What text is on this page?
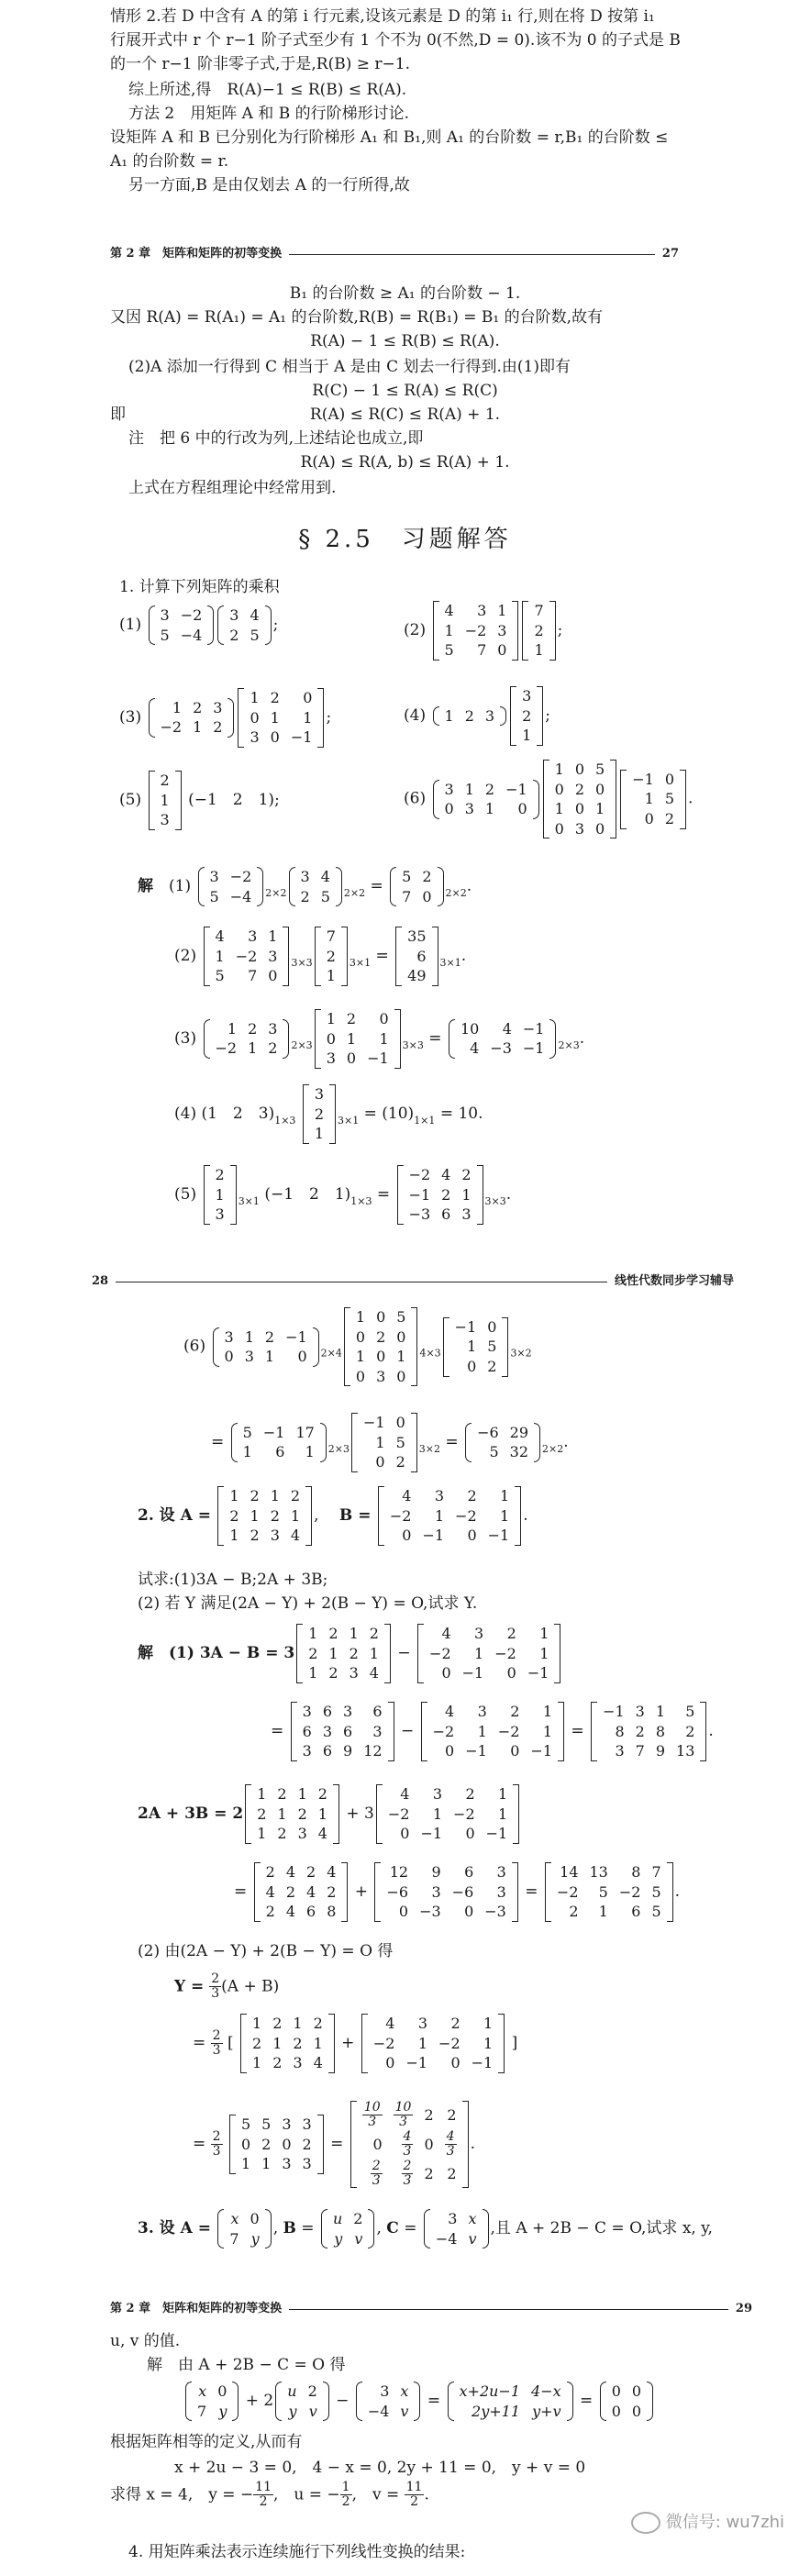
情形 2.若 D 中含有 A 的第 i 行元素,设该元素是 D 的第 i₁ 行,则在将 D 按第 i₁
行展开式中 r 个 r−1 阶子式至少有 1 个不为 0(不然,D = 0).该不为 0 的子式是 B
的一个 r−1 阶非零子式,于是,R(B) ≥ r−1.
综上所述,得　R(A)−1 ≤ R(B) ≤ R(A).
方法 2　用矩阵 A 和 B 的行阶梯形讨论.
设矩阵 A 和 B 已分别化为行阶梯形 A₁ 和 B₁,则 A₁ 的台阶数 = r,B₁ 的台阶数 ≤
A₁ 的台阶数 = r.
另一方面,B 是由仅划去 A 的一行所得,故
第 2 章　矩阵和矩阵的初等变换	27
B₁ 的台阶数 ≥ A₁ 的台阶数 − 1.
又因 R(A) = R(A₁) = A₁ 的台阶数,R(B) = R(B₁) = B₁ 的台阶数,故有
R(A) − 1 ≤ R(B) ≤ R(A).
(2)A 添加一行得到 C 相当于 A 是由 C 划去一行得到.由(1)即有
R(C) − 1 ≤ R(A) ≤ R(C)
即	R(A) ≤ R(C) ≤ R(A) + 1.
注　把 6 中的行改为列,上述结论也成立,即
R(A) ≤ R(A, b) ≤ R(A) + 1.
上式在方程组理论中经常用到.
§ 2.5　习题解答
1. 计算下列矩阵的乘积
(1)
3	−2
5	−4
3	4
2	5
;	(2)
4	3	1
1	−2	3
5	7	0
7
2
1
;
(3)
1	2	3
−2	1	2
1	2	0
0	1	1
3	0	−1
;	(4) 1	2	3
3
2
1
;
(5)
2
1
3
(−1　2　1);	(6)
3	1	2	−1
0	3	1	0
1	0	5
0	2	0
1	0	1
0	3	0
−1	0
1	5
0	2
.
解　 (1)
3	−2
5	−4 $_{2\times 2}$
3	4
2	5 $_{2\times 2}$ =
5	2
7	0 $_{2\times 2}$.
(2)
4	3	1
1	−2	3
5	7	0
$_{3\times 3}$
7
2
1
$_{3\times 1}$ =
35
6
49
$_{3\times 1}$.
(3)
1	2	3
−2	1	2 $_{2\times 3}$
1	2	0
0	1	1
3	0	−1
$_{3\times 3}$ =
10	4	−1
4	−3	−1 $_{2\times 3}$.
(4) (1　2　$3)_{1\times 3}$
3
2
1
$_{3\times 1} = (10)_{1\times 1} = 10$.
(5)
2
1
3
$_{3\times 1}$ (−1　2　$1)_{1\times 3}$ =
−2	4	2
−1	2	1
−3	6	3
$_{3\times 3}$.
28	线性代数同步学习辅导
(6)
3	1	2	−1
0	3	1	0 $_{2\times 4}$
1	0	5
0	2	0
1	0	1
0	3	0
$_{4\times 3}$
−1	0
1	5
0	2
$_{3\times 2}$
=
5	−1	17
1	6	1 $_{2\times 3}$
−1	0
1	5
0	2
$_{3\times 2}$ =
−6	29
5	32 $_{2\times 2}$.
2. 设 A =
1	2	1	2
2	1	2	1
1	2	3	4
,　 B =
4	3	2	1
−2	1	−2	1
0	−1	0	−1
.
试求:(1)3A − B;2A + 3B;
(2) 若 Y 满足(2A − Y) + 2(B − Y) = O,试求 Y.
解　(1) 3A − B = 3
1	2	1	2
2	1	2	1
1	2	3	4
−
4	3	2	1
−2	1	−2	1
0	−1	0	−1
=
3	6	3	6
6	3	6	3
3	6	9	12
−
4	3	2	1
−2	1	−2	1
0	−1	0	−1
=
−1	3	1	5
8	2	8	2
3	7	9	13
.
2A + 3B = 2
1	2	1	2
2	1	2	1
1	2	3	4
+ 3
4	3	2	1
−2	1	−2	1
0	−1	0	−1
=
2	4	2	4
4	2	4	2
2	4	6	8
+
12	9	6	3
−6	3	−6	3
0	−3	0	−3
=
14	13	8	7
−2	5	−2	5
2	1	6	5
.
(2) 由(2A − Y) + 2(B − Y) = O 得
$Y = \frac{2}{3} (A + B)$
= $\frac{2}{3}$ [
1	2	1	2
2	1	2	1
1	2	3	4
+
4	3	2	1
−2	1	−2	1
0	−1	0	−1
]
= $\frac{2}{3}$

5	5	3	3
0	2	0	2
1	1	3	3
=
$\frac{10}{3}$	$\frac{10}{3}$	2	2
0	$\frac{4}{3}$	0	$\frac{4}{3}$

$\frac{2}{3}$	$\frac{2}{3}$	2	2
.
3. 设 A =
x	0
7	y
, B =
u	2
y	v
, C =
3	x
−4	v
,且 A + 2B − C = O,试求 x, y,
第 2 章　矩阵和矩阵的初等变换	29
u, v 的值.
解　由 A + 2B − C = O 得
x	0
7	y
+ 2
u	2
y	v
−
3	x
−4	v
=
x+2u−1	4−x
2y+11	y+v
=
0	0
0	0
根据矩阵相等的定义,从而有
x + 2u − 3 = 0,　4 − x = 0, 2y + 11 = 0,　y + v = 0
求得 x = 4,　y = − $\frac{11}{2}$ ,　u = − $\frac{1}{2}$ ,　$v = \frac{11}{2}$ .
4. 用矩阵乘法表示连续施行下列线性变换的结果:
微信号: wu7zhi
